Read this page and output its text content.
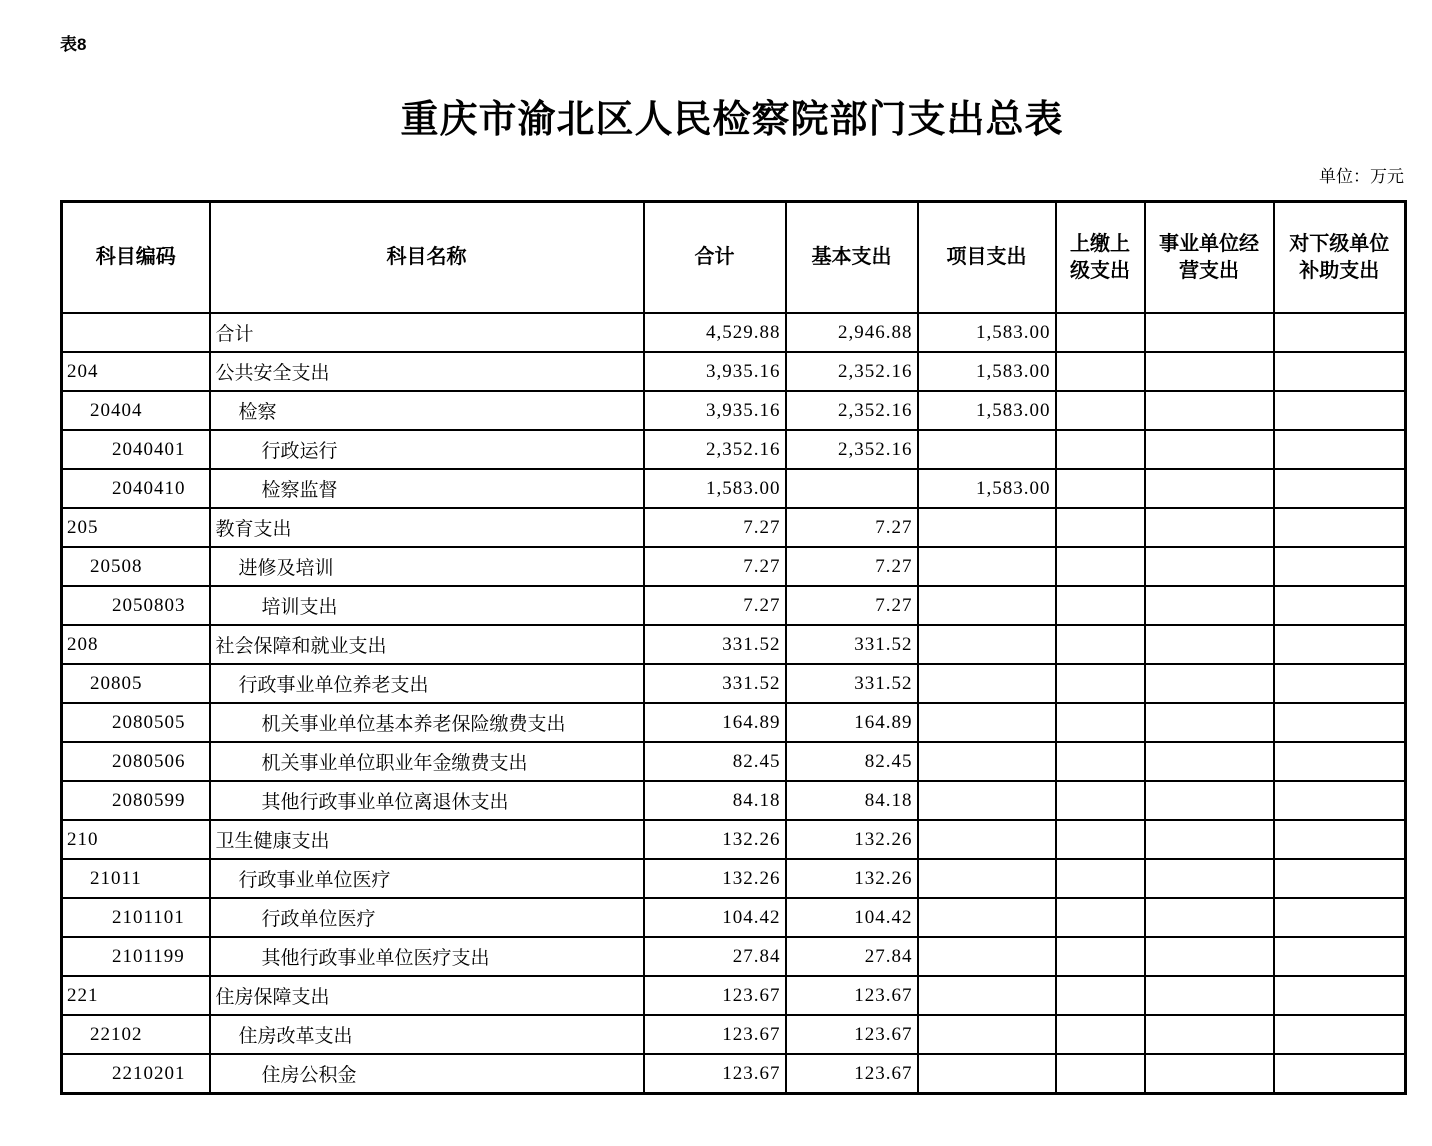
表8
重庆市渝北区人民检察院部门支出总表
单位：万元
科目编码	科目名称	合计	基本支出	项目支出	上缴上级支出	事业单位经营支出	对下级单位补助支出
	合计	4,529.88	2,946.88	1,583.00			
204	公共安全支出	3,935.16	2,352.16	1,583.00			
20404	检察	3,935.16	2,352.16	1,583.00			
2040401	行政运行	2,352.16	2,352.16				
2040410	检察监督	1,583.00		1,583.00			
205	教育支出	7.27	7.27				
20508	进修及培训	7.27	7.27				
2050803	培训支出	7.27	7.27				
208	社会保障和就业支出	331.52	331.52				
20805	行政事业单位养老支出	331.52	331.52				
2080505	机关事业单位基本养老保险缴费支出	164.89	164.89				
2080506	机关事业单位职业年金缴费支出	82.45	82.45				
2080599	其他行政事业单位离退休支出	84.18	84.18				
210	卫生健康支出	132.26	132.26				
21011	行政事业单位医疗	132.26	132.26				
2101101	行政单位医疗	104.42	104.42				
2101199	其他行政事业单位医疗支出	27.84	27.84				
221	住房保障支出	123.67	123.67				
22102	住房改革支出	123.67	123.67				
2210201	住房公积金	123.67	123.67				
